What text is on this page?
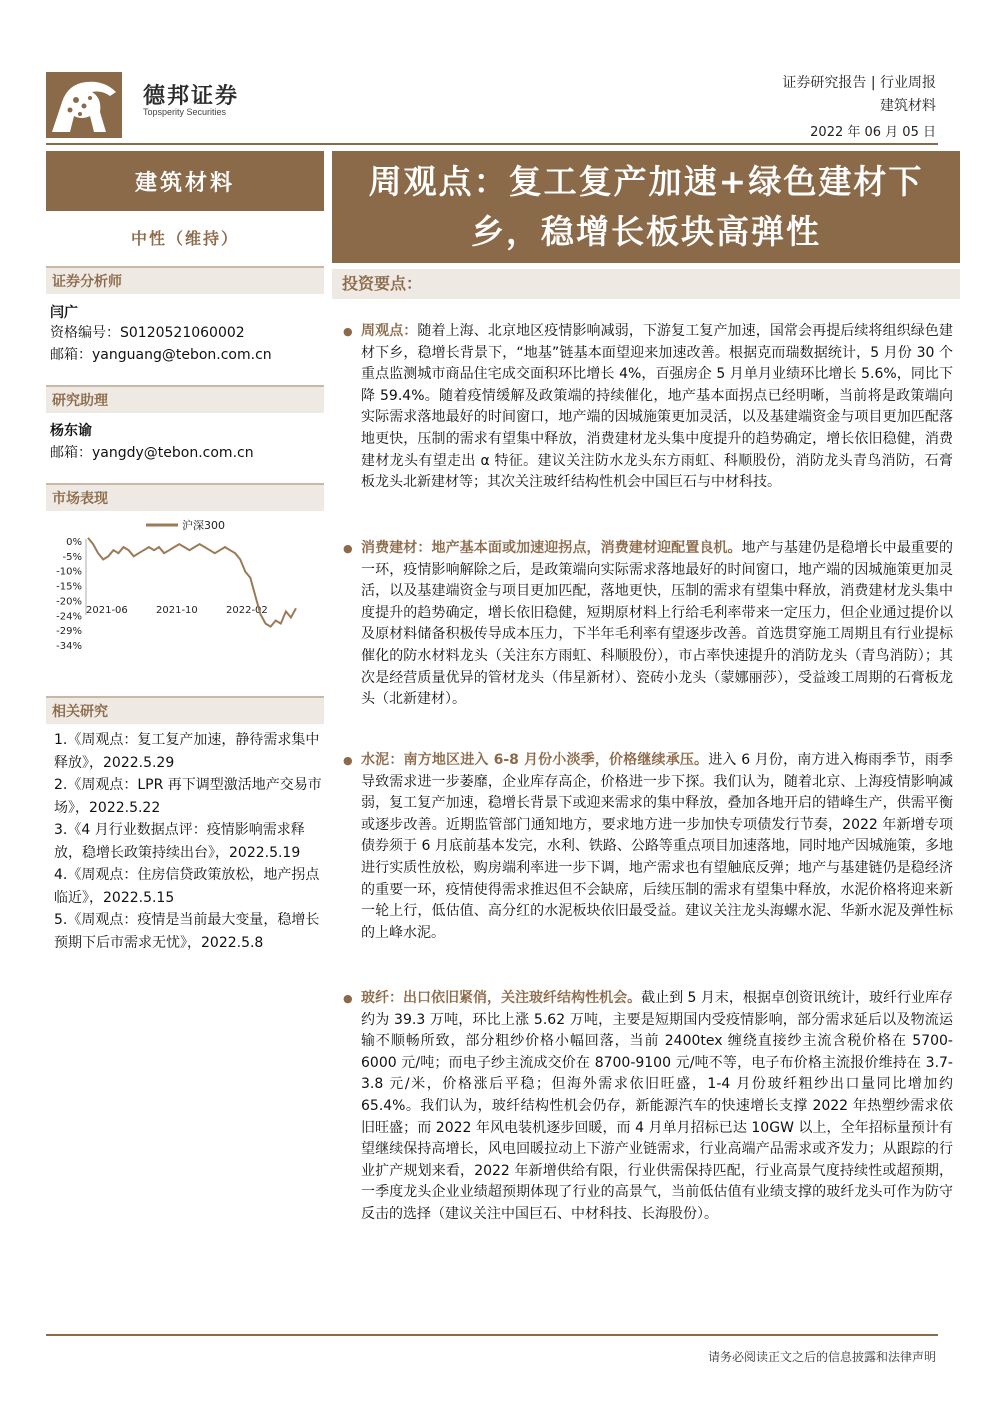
德邦证券
Topsperity Securities
证券研究报告 | 行业周报
建筑材料
2022 年 06 月 05 日
建筑材料
中性（维持）
证券分析师
闫广
资格编号：S0120521060002
邮箱：yanguang@tebon.com.cn
研究助理
杨东谕
邮箱：yangdy@tebon.com.cn
市场表现
0%
-5%
-10%
-15%
-20%
-24%
-29%
-34%
2021-06	2021-10	2022-02
沪深300
相关研究
1.《周观点：复工复产加速，静待需求集中释放》，2022.5.29
2.《周观点：LPR 再下调型激活地产交易市场》，2022.5.22
3.《4 月行业数据点评：疫情影响需求释放，稳增长政策持续出台》，2022.5.19
4.《周观点：住房信贷政策放松，地产拐点临近》，2022.5.15
5.《周观点：疫情是当前最大变量，稳增长预期下后市需求无忧》，2022.5.8
周观点：复工复产加速+绿色建材下乡，稳增长板块高弹性
投资要点：
● 周观点：随着上海、北京地区疫情影响减弱，下游复工复产加速，国常会再提后续将组织绿色建材下乡，稳增长背景下，“地基”链基本面望迎来加速改善。根据克而瑞数据统计，5 月份 30 个重点监测城市商品住宅成交面积环比增长 4%，百强房企 5 月单月业绩环比增长 5.6%，同比下降 59.4%。随着疫情缓解及政策端的持续催化，地产基本面拐点已经明晰，当前将是政策端向实际需求落地最好的时间窗口，地产端的因城施策更加灵活，以及基建端资金与项目更加匹配落地更快，压制的需求有望集中释放，消费建材龙头集中度提升的趋势确定，增长依旧稳健，消费建材龙头有望走出 α 特征。建议关注防水龙头东方雨虹、科顺股份，消防龙头青鸟消防，石膏板龙头北新建材等；其次关注玻纤结构性机会中国巨石与中材科技。
● 消费建材：地产基本面或加速迎拐点，消费建材迎配置良机。地产与基建仍是稳增长中最重要的一环，疫情影响解除之后，是政策端向实际需求落地最好的时间窗口，地产端的因城施策更加灵活，以及基建端资金与项目更加匹配，落地更快，压制的需求有望集中释放，消费建材龙头集中度提升的趋势确定，增长依旧稳健，短期原材料上行给毛利率带来一定压力，但企业通过提价以及原材料储备积极传导成本压力，下半年毛利率有望逐步改善。首选贯穿施工周期且有行业提标催化的防水材料龙头（关注东方雨虹、科顺股份），市占率快速提升的消防龙头（青鸟消防）；其次是经营质量优异的管材龙头（伟星新材）、瓷砖小龙头（蒙娜丽莎），受益竣工周期的石膏板龙头（北新建材）。
● 水泥：南方地区进入 6-8 月份小淡季，价格继续承压。进入 6 月份，南方进入梅雨季节，雨季导致需求进一步萎靡，企业库存高企，价格进一步下探。我们认为，随着北京、上海疫情影响减弱，复工复产加速，稳增长背景下或迎来需求的集中释放，叠加各地开启的错峰生产，供需平衡或逐步改善。近期监管部门通知地方，要求地方进一步加快专项债发行节奏，2022 年新增专项债券须于 6 月底前基本发完，水利、铁路、公路等重点项目加速落地，同时地产因城施策，多地进行实质性放松，购房端利率进一步下调，地产需求也有望触底反弹；地产与基建链仍是稳经济的重要一环，疫情使得需求推迟但不会缺席，后续压制的需求有望集中释放，水泥价格将迎来新一轮上行，低估值、高分红的水泥板块依旧最受益。建议关注龙头海螺水泥、华新水泥及弹性标的上峰水泥。
● 玻纤：出口依旧紧俏，关注玻纤结构性机会。截止到 5 月末，根据卓创资讯统计，玻纤行业库存约为 39.3 万吨，环比上涨 5.62 万吨，主要是短期国内受疫情影响，部分需求延后以及物流运输不顺畅所致，部分粗纱价格小幅回落，当前 2400tex 缠绕直接纱主流含税价格在 5700-6000 元/吨；而电子纱主流成交价在 8700-9100 元/吨不等，电子布价格主流报价维持在 3.7-3.8 元/米，价格涨后平稳；但海外需求依旧旺盛，1-4 月份玻纤粗纱出口量同比增加约 65.4%。我们认为，玻纤结构性机会仍存，新能源汽车的快速增长支撑 2022 年热塑纱需求依旧旺盛；而 2022 年风电装机逐步回暖，而 4 月单月招标已达 10GW 以上，全年招标量预计有望继续保持高增长，风电回暖拉动上下游产业链需求，行业高端产品需求或齐发力；从跟踪的行业扩产规划来看，2022 年新增供给有限，行业供需保持匹配，行业高景气度持续性或超预期，一季度龙头企业业绩超预期体现了行业的高景气，当前低估值有业绩支撑的玻纤龙头可作为防守反击的选择（建议关注中国巨石、中材科技、长海股份）。
请务必阅读正文之后的信息披露和法律声明
